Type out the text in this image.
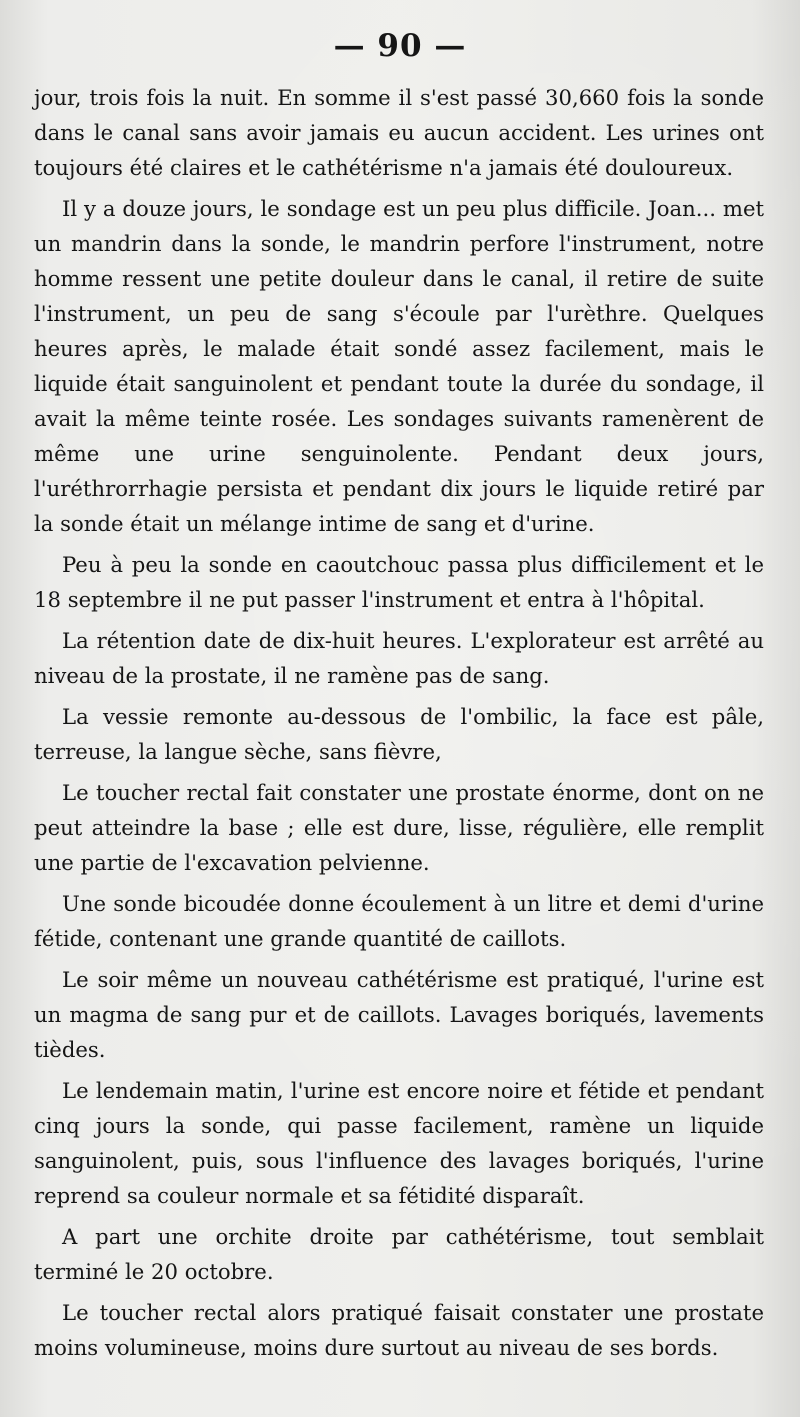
— 90 —

jour, trois fois la nuit. En somme il s'est passé 30,660 fois la sonde dans le canal sans avoir jamais eu aucun accident. Les urines ont toujours été claires et le cathétérisme n'a jamais été douloureux.

Il y a douze jours, le sondage est un peu plus difficile. Joan... met un mandrin dans la sonde, le mandrin perfore l'instrument, notre homme ressent une petite douleur dans le canal, il retire de suite l'instrument, un peu de sang s'écoule par l'urèthre. Quelques heures après, le malade était sondé assez facilement, mais le liquide était sanguinolent et pendant toute la durée du sondage, il avait la même teinte rosée. Les sondages suivants ramenèrent de même une urine senguinolente. Pendant deux jours, l'uréthrorrhagie persista et pendant dix jours le liquide retiré par la sonde était un mélange intime de sang et d'urine.

Peu à peu la sonde en caoutchouc passa plus difficilement et le 18 septembre il ne put passer l'instrument et entra à l'hôpital.

La rétention date de dix-huit heures. L'explorateur est arrêté au niveau de la prostate, il ne ramène pas de sang.

La vessie remonte au-dessous de l'ombilic, la face est pâle, terreuse, la langue sèche, sans fièvre,

Le toucher rectal fait constater une prostate énorme, dont on ne peut atteindre la base ; elle est dure, lisse, régulière, elle remplit une partie de l'excavation pelvienne.

Une sonde bicoudée donne écoulement à un litre et demi d'urine fétide, contenant une grande quantité de caillots.

Le soir même un nouveau cathétérisme est pratiqué, l'urine est un magma de sang pur et de caillots. Lavages boriqués, lavements tièdes.

Le lendemain matin, l'urine est encore noire et fétide et pendant cinq jours la sonde, qui passe facilement, ramène un liquide sanguinolent, puis, sous l'influence des lavages boriqués, l'urine reprend sa couleur normale et sa fétidité disparaît.

A part une orchite droite par cathétérisme, tout semblait terminé le 20 octobre.

Le toucher rectal alors pratiqué faisait constater une prostate moins volumineuse, moins dure surtout au niveau de ses bords.
